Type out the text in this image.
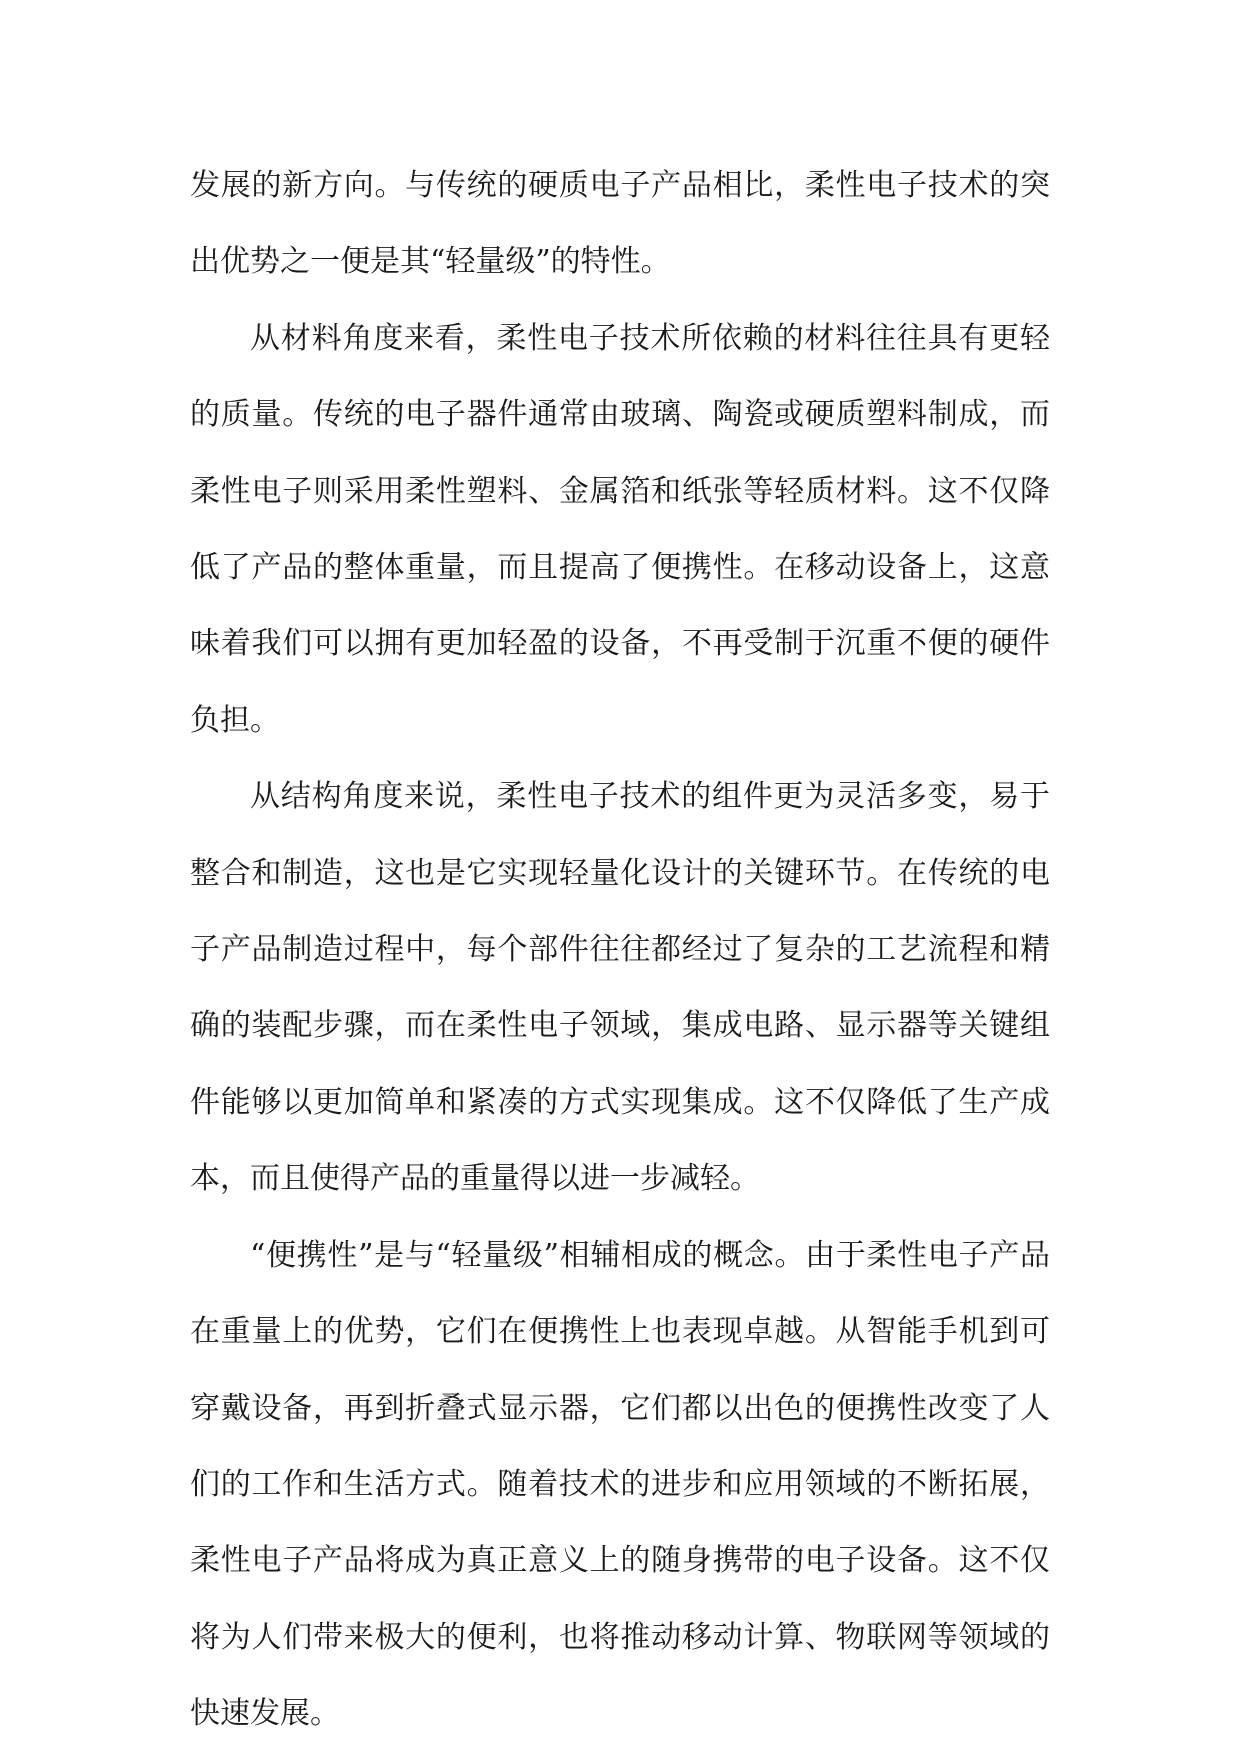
发展的新方向。与传统的硬质电子产品相比，柔性电子技术的突出优势之一便是其“轻量级”的特性。

从材料角度来看，柔性电子技术所依赖的材料往往具有更轻的质量。传统的电子器件通常由玻璃、陶瓷或硬质塑料制成，而柔性电子则采用柔性塑料、金属箔和纸张等轻质材料。这不仅降低了产品的整体重量，而且提高了便携性。在移动设备上，这意味着我们可以拥有更加轻盈的设备，不再受制于沉重不便的硬件负担。

从结构角度来说，柔性电子技术的组件更为灵活多变，易于整合和制造，这也是它实现轻量化设计的关键环节。在传统的电子产品制造过程中，每个部件往往都经过了复杂的工艺流程和精确的装配步骤，而在柔性电子领域，集成电路、显示器等关键组件能够以更加简单和紧凑的方式实现集成。这不仅降低了生产成本，而且使得产品的重量得以进一步减轻。

“便携性”是与“轻量级”相辅相成的概念。由于柔性电子产品在重量上的优势，它们在便携性上也表现卓越。从智能手机到可穿戴设备，再到折叠式显示器，它们都以出色的便携性改变了人们的工作和生活方式。随着技术的进步和应用领域的不断拓展，柔性电子产品将成为真正意义上的随身携带的电子设备。这不仅将为人们带来极大的便利，也将推动移动计算、物联网等领域的快速发展。
